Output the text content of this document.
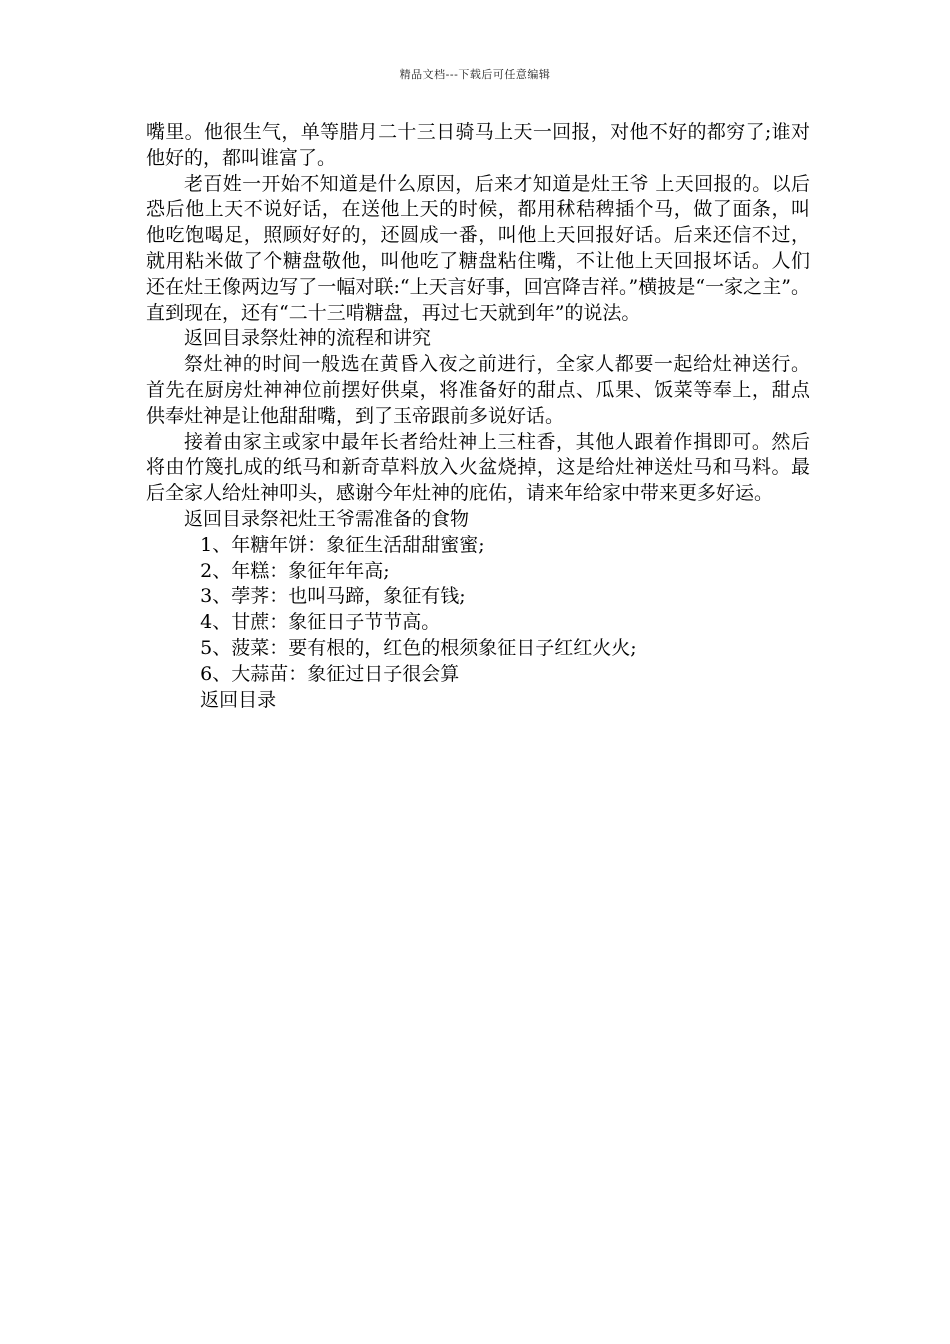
精品文档---下载后可任意编辑

嘴里。他很生气，单等腊月二十三日骑马上天一回报，对他不好的都穷了;谁对他好的，都叫谁富了。

老百姓一开始不知道是什么原因，后来才知道是灶王爷 上天回报的。以后恐后他上天不说好话，在送他上天的时候，都用秫秸稗插个马，做了面条，叫他吃饱喝足，照顾好好的，还圆成一番，叫他上天回报好话。后来还信不过，就用粘米做了个糖盘敬他，叫他吃了糖盘粘住嘴，不让他上天回报坏话。人们还在灶王像两边写了一幅对联:“上天言好事，回宫降吉祥。”横披是“一家之主”。直到现在，还有“二十三啃糖盘，再过七天就到年”的说法。

返回目录祭灶神的流程和讲究

祭灶神的时间一般选在黄昏入夜之前进行，全家人都要一起给灶神送行。首先在厨房灶神神位前摆好供桌，将准备好的甜点、瓜果、饭菜等奉上，甜点供奉灶神是让他甜甜嘴，到了玉帝跟前多说好话。

接着由家主或家中最年长者给灶神上三柱香，其他人跟着作揖即可。然后将由竹篾扎成的纸马和新奇草料放入火盆烧掉，这是给灶神送灶马和马料。最后全家人给灶神叩头，感谢今年灶神的庇佑，请来年给家中带来更多好运。

返回目录祭祀灶王爷需准备的食物

1、年糖年饼：象征生活甜甜蜜蜜;

2、年糕：象征年年高;

3、荸荠：也叫马蹄，象征有钱;

4、甘蔗：象征日子节节高。

5、菠菜：要有根的，红色的根须象征日子红红火火;

6、大蒜苗：象征过日子很会算

返回目录
